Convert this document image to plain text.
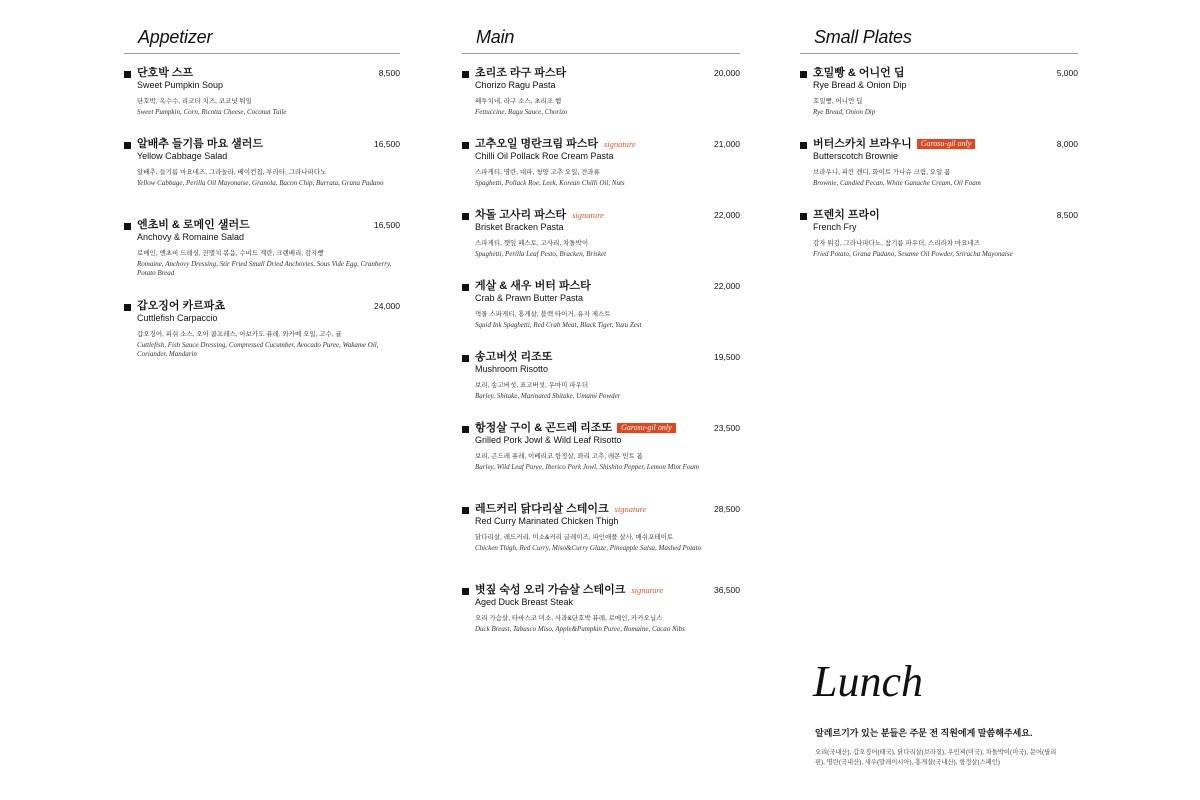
Appetizer
단호박 스프	8,500
Sweet Pumpkin Soup
단호박, 옥수수, 리코타 치즈, 코코넛 튀일
Sweet Pumpkin, Corn, Ricotta Cheese, Coconut Tuile
알배추 들기름 마요 샐러드	16,500
Yellow Cabbage Salad
알배추, 들기름 마요네즈, 그라놀라, 베이컨칩, 부라타, 그라나파다노
Yellow Cabbage, Perilla Oil Mayonaise, Granola, Bacon Chip, Burrata, Grana Padano
엔초비 & 로메인 샐러드	16,500
Anchovy & Romaine Salad
로메인, 엔초비 드레싱, 잔멸치 볶음, 수비드 계란, 크랜베리, 감자빵
Romaine, Anchovy Dressing, Stir Fried Small Dried Anchovies, Sous Vide Egg, Cranberry, Potato Bread
갑오징어 카르파쵸	24,000
Cuttlefish Carpaccio
갑오징어, 피쉬 소스, 오이 콤프레스, 아보카도 퓨레, 와카메 오일, 고수, 귤
Cuttlefish, Fish Sauce Dressing, Compressed Cucumber, Avocado Puree, Wakame Oil, Coriander, Mandarin
Main
초리조 라구 파스타	20,000
Chorizo Ragu Pasta
페투치네, 라구 소스, 초리조 햄
Fettuccine, Ragu Sauce, Chorizo
고추오일 명란크림 파스타 signature	21,000
Chilli Oil Pollack Roe Cream Pasta
스파게티, 명란, 대파, 청양 고추 오일, 견과류
Spaghetti, Pollack Roe, Leek, Korean Chilli Oil, Nuts
차돌 고사리 파스타 signature	22,000
Brisket Bracken Pasta
스파게티, 깻잎 페스토, 고사리, 차돌박이
Spaghetti, Perilla Leaf Pesto, Bracken, Brisket
게살 & 새우 버터 파스타	22,000
Crab & Prawn Butter Pasta
먹물 스파게티, 홍게살, 블랙 타이거, 유자 제스트
Squid Ink Spaghetti, Red Crab Meat, Black Tiger, Yuzu Zest
송고버섯 리조또	19,500
Mushroom Risotto
보리, 송고버섯, 표고버섯, 우마미 파우더
Barley, Shitake, Marinated Shitake, Umami Powder
항정살 구이 & 곤드레 리조또 Garosu-gil only	23,500
Grilled Pork Jowl & Wild Leaf Risotto
보리, 곤드레 퓨레, 이베리코 항정살, 꽈리 고추, 레몬 민트 폼
Barley, Wild Leaf Puree, Iberico Pork Jowl, Shishito Pepper, Lemon Mint Foam
레드커리 닭다리살 스테이크 signature	28,500
Red Curry Marinated Chicken Thigh
닭다리살, 레드커리, 미소&커리 글레이즈, 파인애플 살사, 매쉬포테이토
Chicken Thigh, Red Curry, Miso&Curry Glaze, Pineapple Salsa, Mashed Potato
볏짚 숙성 오리 가슴살 스테이크 signature	36,500
Aged Duck Breast Steak
오리 가슴살, 타바스코 미소, 사과&단호박 퓨레, 로메인, 카카오닙스
Duck Breast, Tabasco Miso, Apple&Pumpkin Puree, Romaine, Cacao Nibs
Small Plates
호밀빵 & 어니언 딥	5,000
Rye Bread & Onion Dip
호밀빵, 어니언 딥
Rye Bread, Onion Dip
버터스카치 브라우니 Garosu-gil only	8,000
Butterscotch Brownie
브라우니, 피칸 캔디, 화이트 가나슈 크림, 오일 폼
Brownie, Candied Pecan, White Ganache Cream, Oil Foam
프렌치 프라이	8,500
French Fry
감자 튀김, 그라나파다노, 참기름 파우더, 스리라차 마요네즈
Fried Potato, Grana Padano, Sesame Oil Powder, Sriracha Mayonaise
Lunch
알레르기가 있는 분들은 주문 전 직원에게 말씀해주세요.
오리(국내산), 갑오징어(태국), 닭다리살(브라질), 우민찌(미국), 차돌박이(미국), 문어(필리핀), 명란(국내산), 새우(말레이시아), 홍게살(국내산), 항정살(스페인)
